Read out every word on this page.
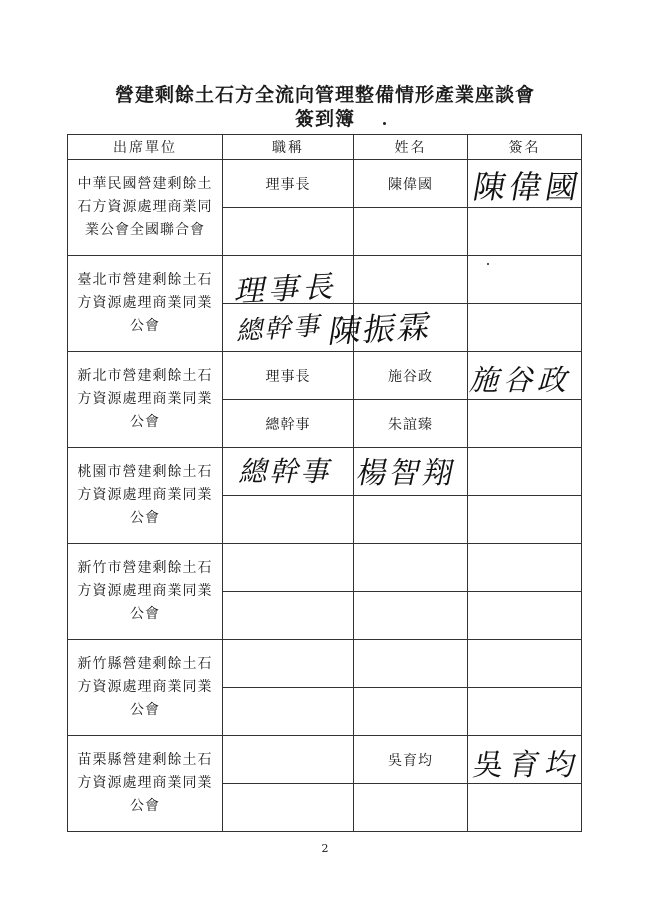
營建剩餘土石方全流向管理整備情形產業座談會
簽到簿
出席單位	職稱	姓名	簽名
中華民國營建剩餘土石方資源處理商業同業公會全國聯合會	理事長	陳偉國	陳偉國

臺北市營建剩餘土石方資源處理商業同業公會	理事長		

	總幹事	陳振霖	

新北市營建剩餘土石方資源處理商業同業公會	理事長	施谷政	施谷政

	總幹事	朱誼臻	
桃園市營建剩餘土石方資源處理商業同業公會	總幹事	楊智翔	

新竹市營建剩餘土石方資源處理商業同業公會			

新竹縣營建剩餘土石方資源處理商業同業公會			

苗栗縣營建剩餘土石方資源處理商業同業公會		吳育均	吳育均

2
